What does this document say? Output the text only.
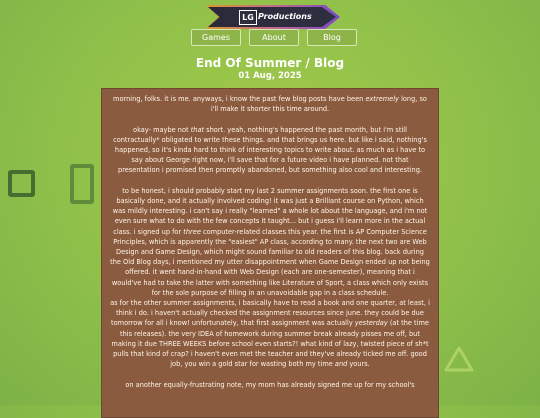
LG Productions
Games	About	Blog
End Of Summer / Blog
01 Aug, 2025

morning, folks. it is me. anyways, i know the past few blog posts have been extremely long, so i'll make it shorter this time around.

okay- maybe not that short. yeah, nothing's happened the past month, but i'm still contractually* obligated to write these things. and that brings us here. but like i said, nothing's happened, so it's kinda hard to think of interesting topics to write about. as much as i have to say about George right now, i'll save that for a future video i have planned. not that presentation i promised then promptly abandoned, but something also cool and interesting.

to be honest, i should probably start my last 2 summer assignments soon. the first one is basically done, and it actually involved coding! it was just a Brilliant course on Python, which was mildly interesting. i can't say i really "learned" a whole lot about the language, and i'm not even sure what to do with the few concepts it taught... but i guess i'll learn more in the actual class. i signed up for three computer-related classes this year. the first is AP Computer Science Principles, which is apparently the "easiest" AP class, according to many. the next two are Web Design and Game Design, which might sound familiar to old readers of this blog. back during the Old Blog days, i mentioned my utter disappointment when Game Design ended up not being offered. it went hand-in-hand with Web Design (each are one-semester), meaning that i would've had to take the latter with something like Literature of Sport, a class which only exists for the sole purpose of filling in an unavoidable gap in a class schedule.

as for the other summer assignments, i basically have to read a book and one quarter, at least, i think i do. i haven't actually checked the assignment resources since june. they could be due tomorrow for all i know! unfortunately, that first assignment was actually yesterday (at the time this releases). the very IDEA of homework during summer break already pisses me off, but making it due THREE WEEKS before school even starts?! what kind of lazy, twisted piece of sh*t pulls that kind of crap? i haven't even met the teacher and they've already ticked me off. good job, you win a gold star for wasting both my time and yours.

on another equally-frustrating note, my mom has already signed me up for my school's
